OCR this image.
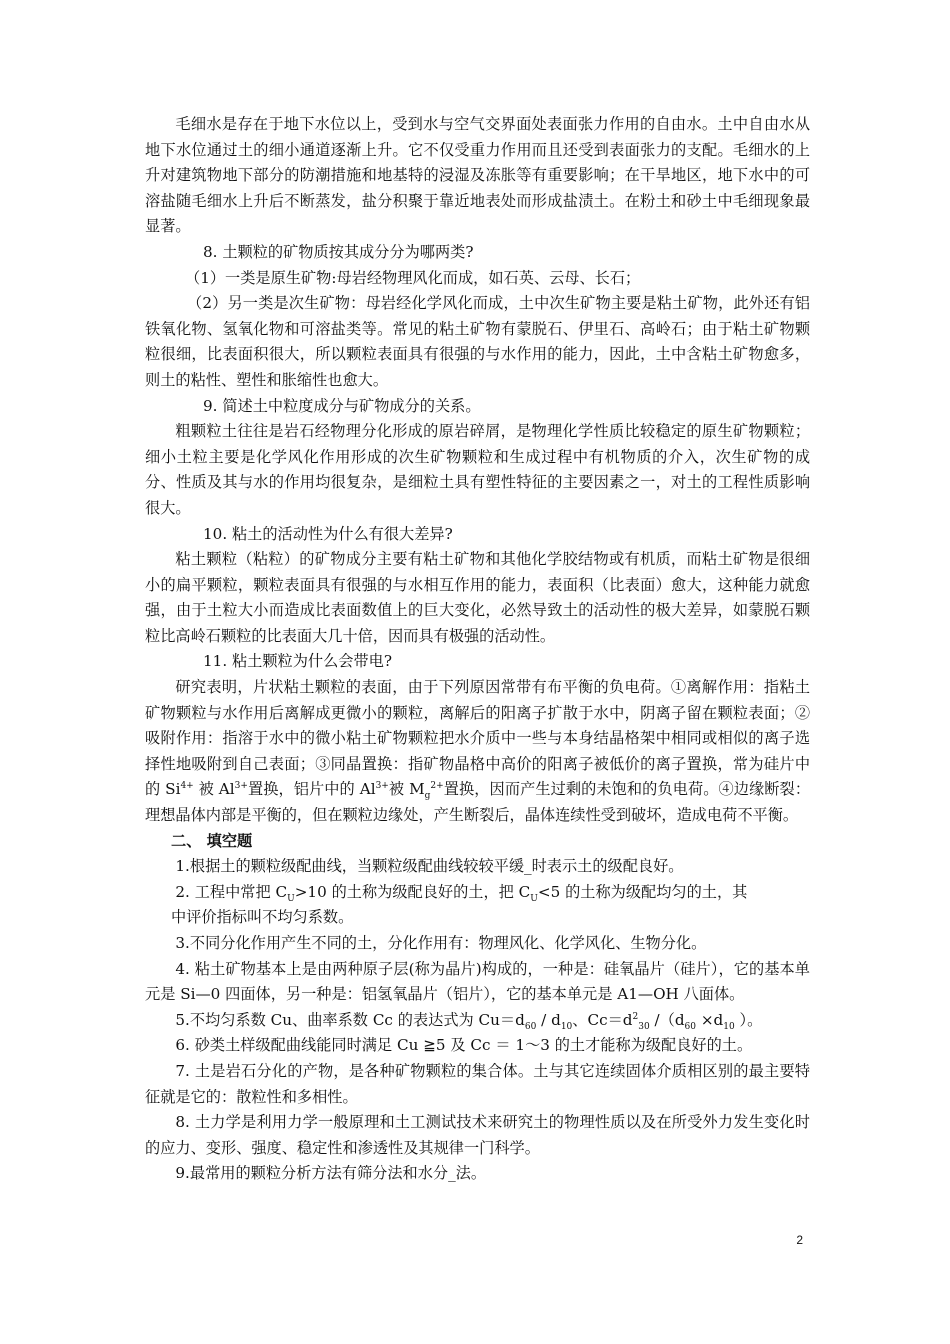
毛细水是存在于地下水位以上，受到水与空气交界面处表面张力作用的自由水。土中自由水从地下水位通过土的细小通道逐渐上升。它不仅受重力作用而且还受到表面张力的支配。毛细水的上升对建筑物地下部分的防潮措施和地基特的浸湿及冻胀等有重要影响；在干旱地区，地下水中的可溶盐随毛细水上升后不断蒸发，盐分积聚于靠近地表处而形成盐渍土。在粉土和砂土中毛细现象最显著。

8. 土颗粒的矿物质按其成分分为哪两类?

（1）一类是原生矿物:母岩经物理风化而成，如石英、云母、长石；

（2）另一类是次生矿物：母岩经化学风化而成，土中次生矿物主要是粘土矿物，此外还有铝铁氧化物、氢氧化物和可溶盐类等。常见的粘土矿物有蒙脱石、伊里石、高岭石；由于粘土矿物颗粒很细，比表面积很大，所以颗粒表面具有很强的与水作用的能力，因此，土中含粘土矿物愈多，则土的粘性、塑性和胀缩性也愈大。

9. 简述土中粒度成分与矿物成分的关系。

粗颗粒土往往是岩石经物理分化形成的原岩碎屑，是物理化学性质比较稳定的原生矿物颗粒；细小土粒主要是化学风化作用形成的次生矿物颗粒和生成过程中有机物质的介入，次生矿物的成分、性质及其与水的作用均很复杂，是细粒土具有塑性特征的主要因素之一，对土的工程性质影响很大。

10. 粘土的活动性为什么有很大差异?

粘土颗粒（粘粒）的矿物成分主要有粘土矿物和其他化学胶结物或有机质，而粘土矿物是很细小的扁平颗粒，颗粒表面具有很强的与水相互作用的能力，表面积（比表面）愈大，这种能力就愈强，由于土粒大小而造成比表面数值上的巨大变化，必然导致土的活动性的极大差异，如蒙脱石颗粒比高岭石颗粒的比表面大几十倍，因而具有极强的活动性。

11. 粘土颗粒为什么会带电?

研究表明，片状粘土颗粒的表面，由于下列原因常带有布平衡的负电荷。①离解作用：指粘土矿物颗粒与水作用后离解成更微小的颗粒，离解后的阳离子扩散于水中，阴离子留在颗粒表面；②吸附作用：指溶于水中的微小粘土矿物颗粒把水介质中一些与本身结晶格架中相同或相似的离子选择性地吸附到自己表面；③同晶置换：指矿物晶格中高价的阳离子被低价的离子置换，常为硅片中的 $Si^{4+}$ 被 $Al^{3+}$置换，铝片中的 $Al^{3+}$被 $M_g^{2+}$置换，因而产生过剩的未饱和的负电荷。④边缘断裂：理想晶体内部是平衡的，但在颗粒边缘处，产生断裂后，晶体连续性受到破坏，造成电荷不平衡。

二、 填空题

1.根据土的颗粒级配曲线，当颗粒级配曲线较较平缓_时表示土的级配良好。

2. 工程中常把 $C_U>10$ 的土称为级配良好的土，把 $C_U<5$ 的土称为级配均匀的土，其

中评价指标叫不均匀系数。

3.不同分化作用产生不同的土，分化作用有：物理风化、化学风化、生物分化。

4. 粘土矿物基本上是由两种原子层(称为晶片)构成的，一种是：硅氧晶片（硅片），它的基本单元是 Si—0 四面体，另一种是：铝氢氧晶片（铝片），它的基本单元是 A1—OH 八面体。

5.不均匀系数 Cu、曲率系数 Cc 的表达式为 $Cu=d_{60} / d_{10}$、$Cc=d^2_{30}$ $/(d_{60} \times d_{10}$ ）。

6. 砂类土样级配曲线能同时满足 Cu ≧5 及 Cc ＝ 1～3 的土才能称为级配良好的土。

7. 土是岩石分化的产物，是各种矿物颗粒的集合体。土与其它连续固体介质相区别的最主要特征就是它的：散粒性和多相性。

8. 土力学是利用力学一般原理和土工测试技术来研究土的物理性质以及在所受外力发生变化时的应力、变形、强度、稳定性和渗透性及其规律一门科学。

9.最常用的颗粒分析方法有筛分法和水分_法。

2
